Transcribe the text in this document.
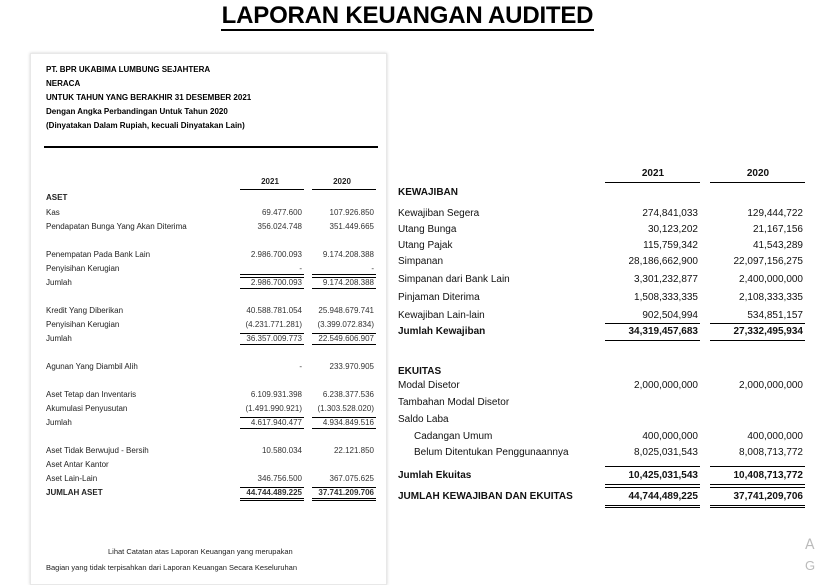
LAPORAN KEUANGAN AUDITED
PT. BPR UKABIMA LUMBUNG SEJAHTERA
NERACA
UNTUK TAHUN YANG BERAKHIR 31 DESEMBER 2021
Dengan Angka Perbandingan Untuk Tahun 2020
(Dinyatakan Dalam Rupiah, kecuali Dinyatakan Lain)
2021	2020
ASET
Lihat Catatan atas Laporan Keuangan yang merupakan
Bagian yang tidak terpisahkan dari Laporan Keuangan Secara Keseluruhan
2021	2020
KEWAJIBAN
EKUITAS
A
G
Kas	69.477.600	107.926.850
Pendapatan Bunga Yang Akan Diterima	356.024.748	351.449.665
Penempatan Pada Bank Lain	2.986.700.093	9.174.208.388
Penyisihan Kerugian	-	-
Jumlah	2.986.700.093	9.174.208.388
Kredit Yang Diberikan	40.588.781.054	25.948.679.741
Penyisihan Kerugian	(4.231.771.281)	(3.399.072.834)
Jumlah	36.357.009.773	22.549.606.907
Agunan Yang Diambil Alih	-	233.970.905
Aset Tetap dan Inventaris	6.109.931.398	6.238.377.536
Akumulasi Penyusutan	(1.491.990.921)	(1.303.528.020)
Jumlah	4.617.940.477	4.934.849.516
Aset Tidak Berwujud - Bersih	10.580.034	22.121.850
Aset Antar Kantor
Aset Lain-Lain	346.756.500	367.075.625
JUMLAH ASET	44.744.489.225	37.741.209.706
Kewajiban Segera	274,841,033	129,444,722
Utang Bunga	30,123,202	21,167,156
Utang Pajak	115,759,342	41,543,289
Simpanan	28,186,662,900	22,097,156,275
Simpanan dari Bank Lain	3,301,232,877	2,400,000,000
Pinjaman Diterima	1,508,333,335	2,108,333,335
Kewajiban Lain-lain	902,504,994	534,851,157
Jumlah Kewajiban	34,319,457,683	27,332,495,934
Modal Disetor	2,000,000,000	2,000,000,000
Tambahan Modal Disetor
Saldo Laba
Cadangan Umum	400,000,000	400,000,000
Belum Ditentukan Penggunaannya	8,025,031,543	8,008,713,772
Jumlah Ekuitas	10,425,031,543	10,408,713,772
JUMLAH KEWAJIBAN DAN EKUITAS	44,744,489,225	37,741,209,706
